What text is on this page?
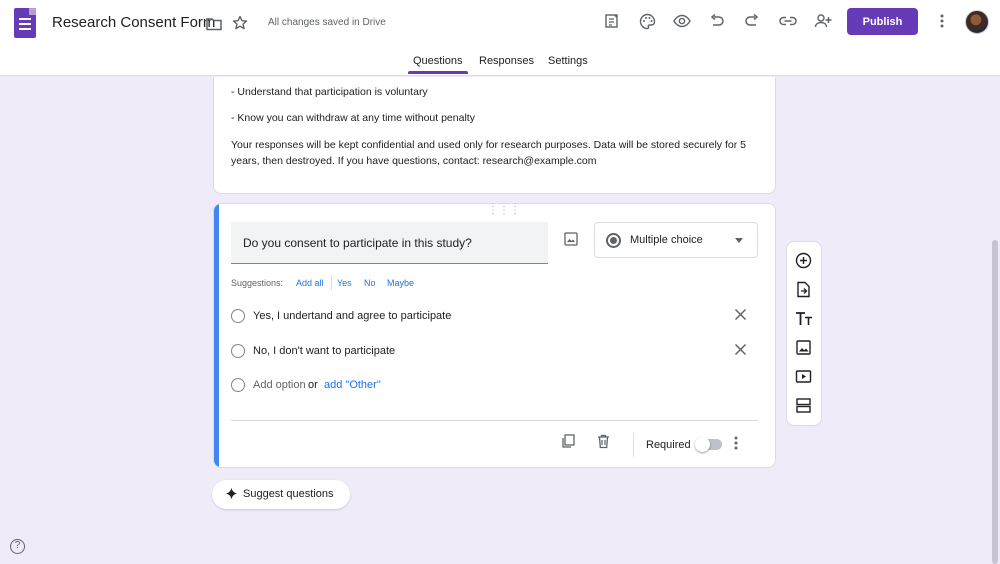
Research Consent Form	All changes saved in Drive	Publish
Questions Responses Settings
- Understand that participation is voluntary
- Know you can withdraw at any time without penalty
Your responses will be kept confidential and used only for research purposes. Data will be stored securely for 5
years, then destroyed. If you have questions, contact: research@example.com
⋮⋮⋮
Do you consent to participate in this study?	Multiple choice
Suggestions: Add all Yes No Maybe
Yes, I undertand and agree to participate
No, I don't want to participate
Add option or add "Other"
Required
Suggest questions
?
